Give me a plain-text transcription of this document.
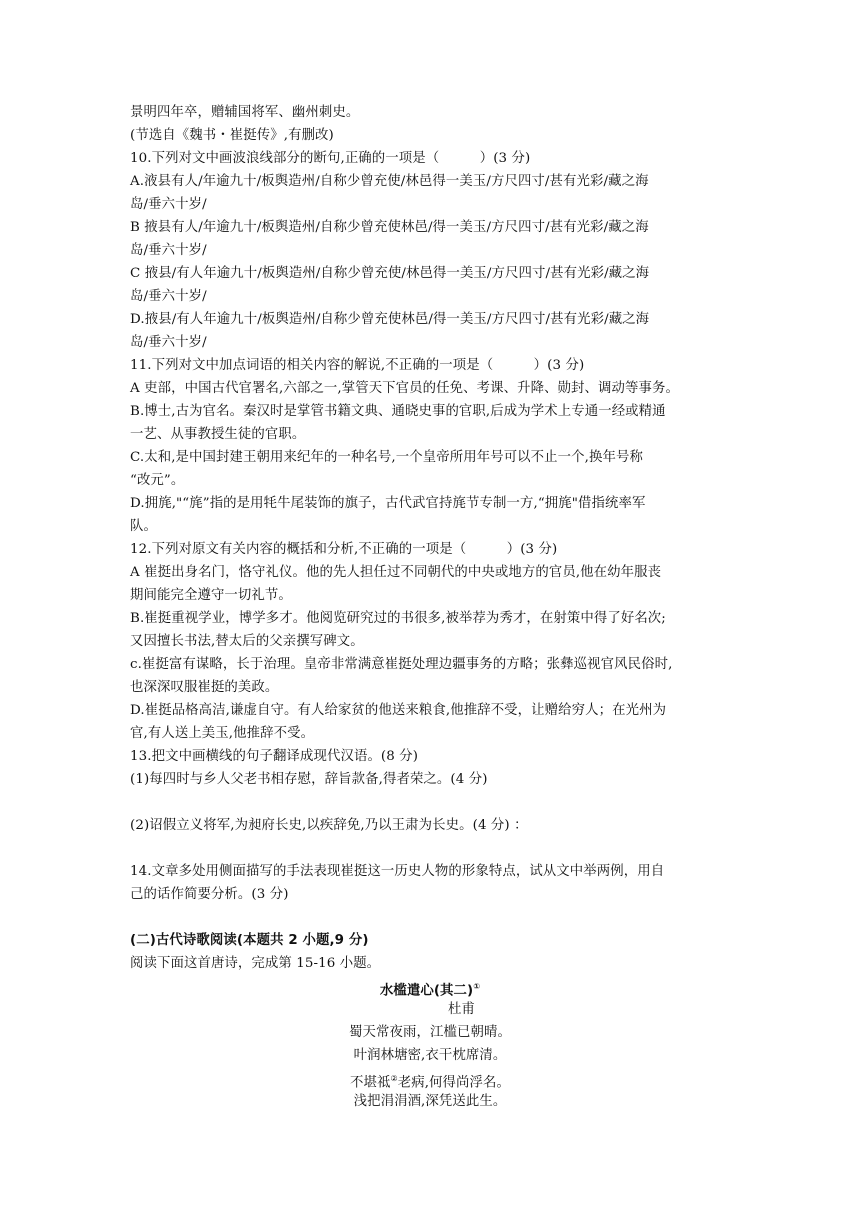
景明四年卒，赠辅国将军、幽州刺史。
(节选自《魏书・崔挺传》,有删改)
10.下列对文中画波浪线部分的断句,正确的一项是（　　　）(3 分)
A.液县有人/年逾九十/板舆造州/自称少曾充使/林邑得一美玉/方尺四寸/甚有光彩/藏之海
岛/垂六十岁/
B 掖县有人/年逾九十/板舆造州/自称少曾充使林邑/得一美玉/方尺四寸/甚有光彩/藏之海
岛/垂六十岁/
C 掖县/有人年逾九十/板舆造州/自称少曾充使/林邑得一美玉/方尺四寸/甚有光彩/藏之海
岛/垂六十岁/
D.掖县/有人年逾九十/板舆造州/自称少曾充使林邑/得一美玉/方尺四寸/甚有光彩/藏之海
岛/垂六十岁/
11.下列对文中加点词语的相关内容的解说,不正确的一项是（　　　）(3 分)
A 吏部，中国古代官署名,六部之一,掌管天下官员的任免、考课、升降、勋封、调动等事务。
B.博士,古为官名。秦汉时是掌管书籍文典、通晓史事的官职,后成为学术上专通一经或精通
一艺、从事教授生徒的官职。
C.太和,是中国封建王朝用来纪年的一种名号,一个皇帝所用年号可以不止一个,换年号称
“改元”。
D.拥旄,"“旄”指的是用牦牛尾装饰的旗子，古代武官持旄节专制一方,“拥旄"借指统率军
队。
12.下列对原文有关内容的概括和分析,不正确的一项是（　　　）(3 分)
A 崔挺出身名门，恪守礼仪。他的先人担任过不同朝代的中央或地方的官员,他在幼年服丧
期间能完全遵守一切礼节。
B.崔挺重视学业，博学多才。他阅览研究过的书很多,被举荐为秀才，在射策中得了好名次;
又因擅长书法,替太后的父亲撰写碑文。
c.崔挺富有谋略，长于治理。皇帝非常满意崔挺处理边疆事务的方略；张彝巡视官风民俗时,
也深深叹服崔挺的美政。
D.崔挺品格高洁,谦虚自守。有人给家贫的他送来粮食,他推辞不受，让赠给穷人；在光州为
官,有人送上美玉,他推辞不受。
13.把文中画横线的句子翻译成现代汉语。(8 分)
(1)每四时与乡人父老书相存慰，辞旨款备,得者荣之。(4 分)
(2)诏假立义将军,为昶府长史,以疾辞免,乃以王肃为长史。(4 分) ：
14.文章多处用侧面描写的手法表现崔挺这一历史人物的形象特点，试从文中举两例，用自
己的话作简要分析。(3 分)
(二)古代诗歌阅读(本题共 2 小题,9 分)
阅读下面这首唐诗，完成第 15-16 小题。
水槛遣心(其二)①
杜甫
蜀天常夜雨，江槛已朝晴。
叶润林塘密,衣干枕席清。
不堪祗②老病,何得尚浮名。
浅把涓涓酒,深凭送此生。
